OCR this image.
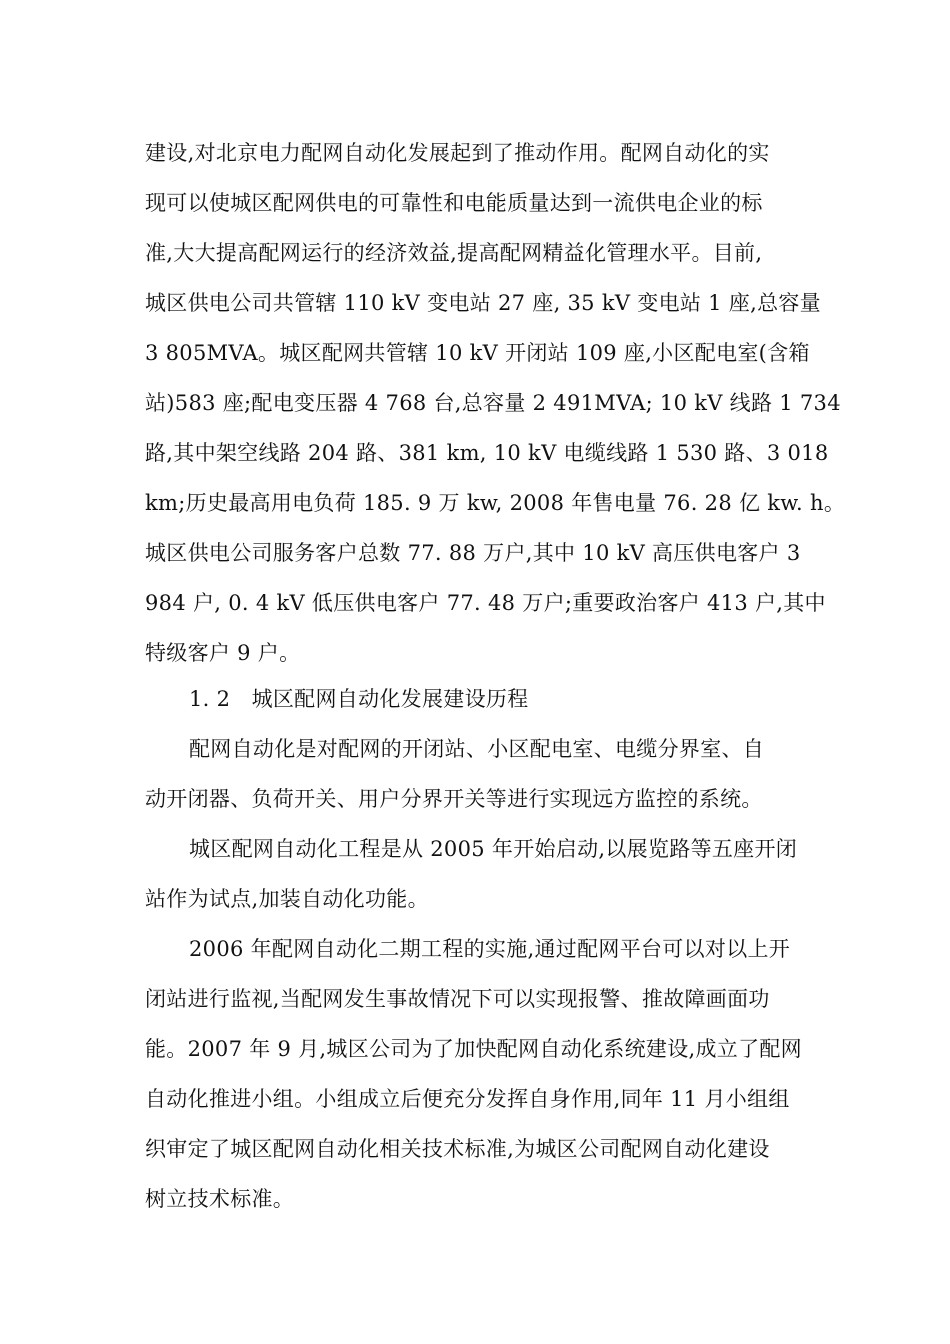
建设,对北京电力配网自动化发展起到了推动作用。配网自动化的实
现可以使城区配网供电的可靠性和电能质量达到一流供电企业的标
准,大大提高配网运行的经济效益,提高配网精益化管理水平。目前,
城区供电公司共管辖 110 kV 变电站 27 座, 35 kV 变电站 1 座,总容量
3 805MVA。城区配网共管辖 10 kV 开闭站 109 座,小区配电室(含箱
站)583 座;配电变压器 4 768 台,总容量 2 491MVA; 10 kV 线路 1 734
路,其中架空线路 204 路、381 km, 10 kV 电缆线路 1 530 路、3 018
km;历史最高用电负荷 185. 9 万 kw, 2008 年售电量 76. 28 亿 kw. h。
城区供电公司服务客户总数 77. 88 万户,其中 10 kV 高压供电客户 3
984 户, 0. 4 kV 低压供电客户 77. 48 万户;重要政治客户 413 户,其中
特级客户 9 户。
1. 2　城区配网自动化发展建设历程
配网自动化是对配网的开闭站、小区配电室、电缆分界室、自
动开闭器、负荷开关、用户分界开关等进行实现远方监控的系统。
城区配网自动化工程是从 2005 年开始启动,以展览路等五座开闭
站作为试点,加装自动化功能。
2006 年配网自动化二期工程的实施,通过配网平台可以对以上开
闭站进行监视,当配网发生事故情况下可以实现报警、推故障画面功
能。2007 年 9 月,城区公司为了加快配网自动化系统建设,成立了配网
自动化推进小组。小组成立后便充分发挥自身作用,同年 11 月小组组
织审定了城区配网自动化相关技术标准,为城区公司配网自动化建设
树立技术标准。
